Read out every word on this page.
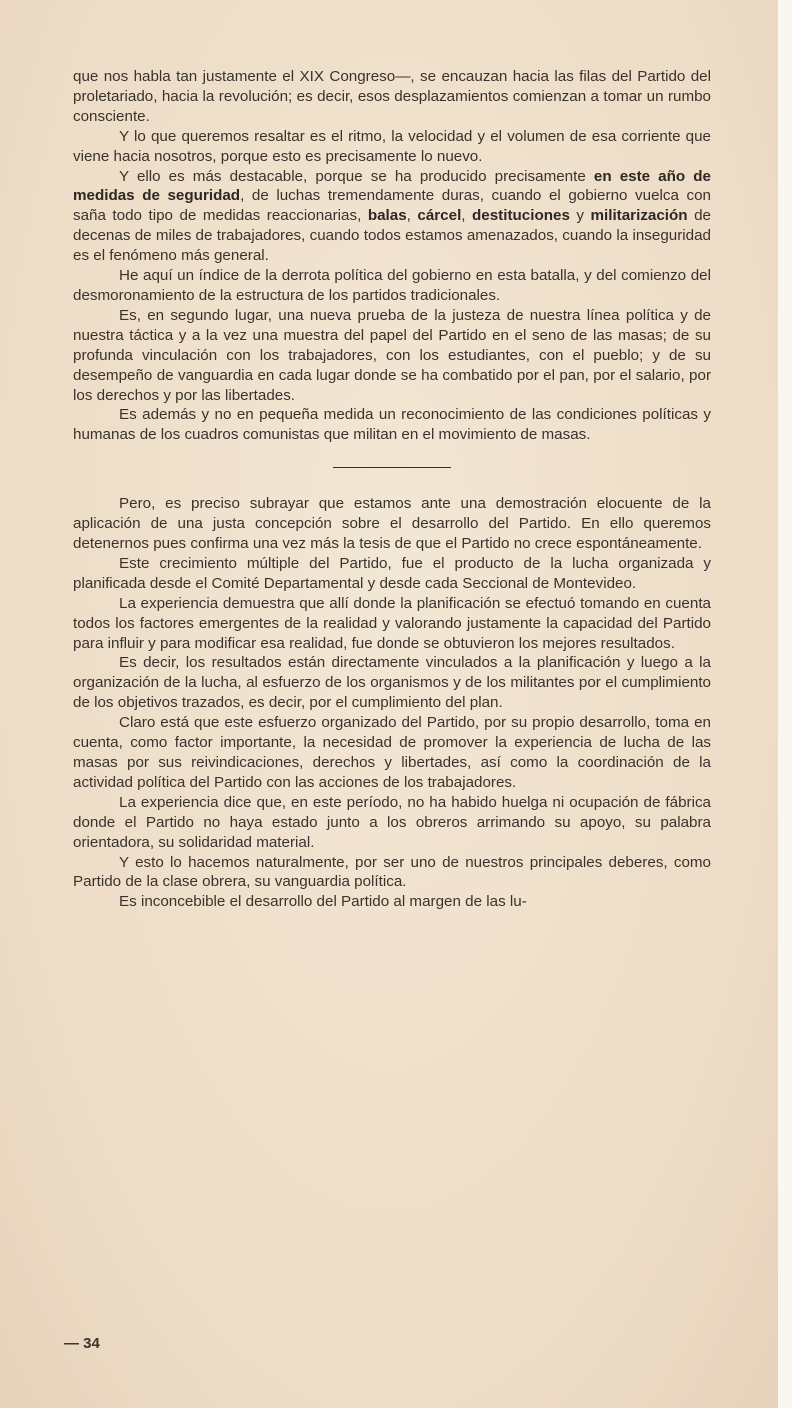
que nos habla tan justamente el XIX Congreso—, se encauzan hacia las filas del Partido del proletariado, hacia la revolución; es decir, esos desplazamientos comienzan a tomar un rumbo consciente.

Y lo que queremos resaltar es el ritmo, la velocidad y el volumen de esa corriente que viene hacia nosotros, porque esto es precisamente lo nuevo.

Y ello es más destacable, porque se ha producido precisamente en este año de medidas de seguridad, de luchas tremendamente duras, cuando el gobierno vuelca con saña todo tipo de medidas reaccionarias, balas, cárcel, destituciones y militarización de decenas de miles de trabajadores, cuando todos estamos amenazados, cuando la inseguridad es el fenómeno más general.

He aquí un índice de la derrota política del gobierno en esta batalla, y del comienzo del desmoronamiento de la estructura de los partidos tradicionales.

Es, en segundo lugar, una nueva prueba de la justeza de nuestra línea política y de nuestra táctica y a la vez una muestra del papel del Partido en el seno de las masas; de su profunda vinculación con los trabajadores, con los estudiantes, con el pueblo; y de su desempeño de vanguardia en cada lugar donde se ha combatido por el pan, por el salario, por los derechos y por las libertades.

Es además y no en pequeña medida un reconocimiento de las condiciones políticas y humanas de los cuadros comunistas que militan en el movimiento de masas.

Pero, es preciso subrayar que estamos ante una demostración elocuente de la aplicación de una justa concepción sobre el desarrollo del Partido. En ello queremos detenernos pues confirma una vez más la tesis de que el Partido no crece espontáneamente.

Este crecimiento múltiple del Partido, fue el producto de la lucha organizada y planificada desde el Comité Departamental y desde cada Seccional de Montevideo.

La experiencia demuestra que allí donde la planificación se efectuó tomando en cuenta todos los factores emergentes de la realidad y valorando justamente la capacidad del Partido para influir y para modificar esa realidad, fue donde se obtuvieron los mejores resultados.

Es decir, los resultados están directamente vinculados a la planificación y luego a la organización de la lucha, al esfuerzo de los organismos y de los militantes por el cumplimiento de los objetivos trazados, es decir, por el cumplimiento del plan.

Claro está que este esfuerzo organizado del Partido, por su propio desarrollo, toma en cuenta, como factor importante, la necesidad de promover la experiencia de lucha de las masas por sus reivindicaciones, derechos y libertades, así como la coordinación de la actividad política del Partido con las acciones de los trabajadores.

La experiencia dice que, en este período, no ha habido huelga ni ocupación de fábrica donde el Partido no haya estado junto a los obreros arrimando su apoyo, su palabra orientadora, su solidaridad material.

Y esto lo hacemos naturalmente, por ser uno de nuestros principales deberes, como Partido de la clase obrera, su vanguardia política.

Es inconcebible el desarrollo del Partido al margen de las lu-

— 34
